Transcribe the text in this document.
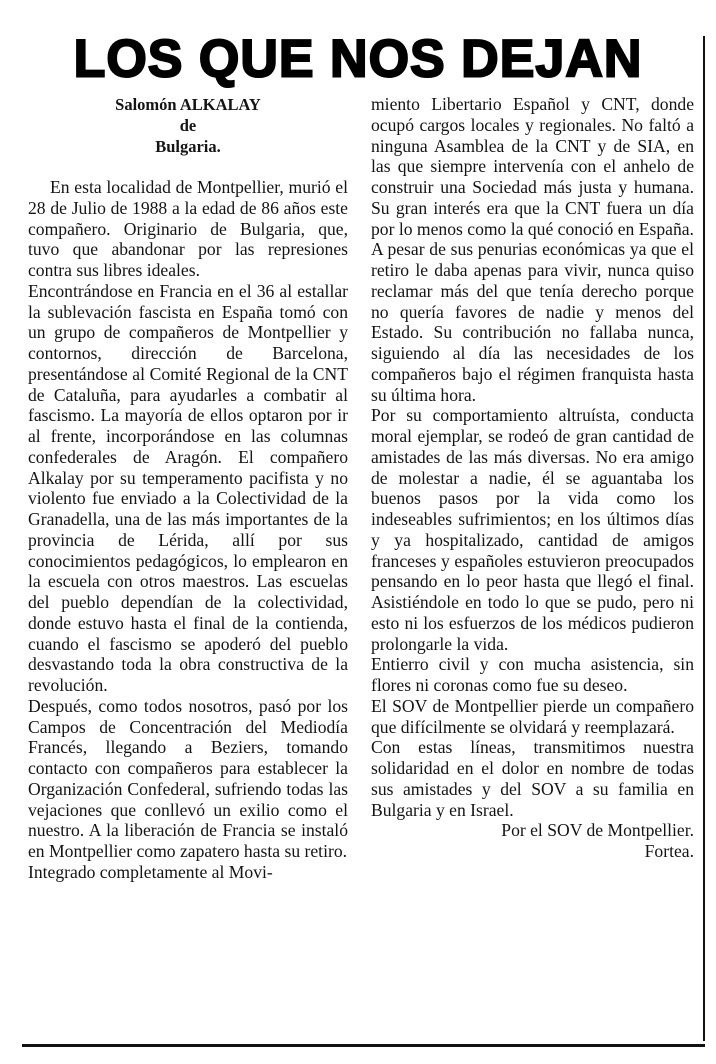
LOS QUE NOS DEJAN
Salomón ALKALAY
de
Bulgaria.

En esta localidad de Montpellier, murió el 28 de Julio de 1988 a la edad de 86 años este compañero. Originario de Bulgaria, que, tuvo que abandonar por las represiones contra sus libres ideales.

Encontrándose en Francia en el 36 al estallar la sublevación fascista en España tomó con un grupo de compañeros de Montpellier y contornos, dirección de Barcelona, presentándose al Comité Regional de la CNT de Cataluña, para ayudarles a combatir al fascismo. La mayoría de ellos optaron por ir al frente, incorporándose en las columnas confederales de Aragón. El compañero Alkalay por su temperamento pacifista y no violento fue enviado a la Colectividad de la Granadella, una de las más importantes de la provincia de Lérida, allí por sus conocimientos pedagógicos, lo emplearon en la escuela con otros maestros. Las escuelas del pueblo dependían de la colectividad, donde estuvo hasta el final de la contienda, cuando el fascismo se apoderó del pueblo desvastando toda la obra constructiva de la revolución.

Después, como todos nosotros, pasó por los Campos de Concentración del Mediodía Francés, llegando a Beziers, tomando contacto con compañeros para establecer la Organización Confederal, sufriendo todas las vejaciones que conllevó un exilio como el nuestro. A la liberación de Francia se instaló en Montpellier como zapatero hasta su retiro.

Integrado completamente al Movi-

miento Libertario Español y CNT, donde ocupó cargos locales y regionales. No faltó a ninguna Asamblea de la CNT y de SIA, en las que siempre intervenía con el anhelo de construir una Sociedad más justa y humana. Su gran interés era que la CNT fuera un día por lo menos como la qué conoció en España.

A pesar de sus penurias económicas ya que el retiro le daba apenas para vivir, nunca quiso reclamar más del que tenía derecho porque no quería favores de nadie y menos del Estado. Su contribución no fallaba nunca, siguiendo al día las necesidades de los compañeros bajo el régimen franquista hasta su última hora.

Por su comportamiento altruísta, conducta moral ejemplar, se rodeó de gran cantidad de amistades de las más diversas. No era amigo de molestar a nadie, él se aguantaba los buenos pasos por la vida como los indeseables sufrimientos; en los últimos días y ya hospitalizado, cantidad de amigos franceses y españoles estuvieron preocupados pensando en lo peor hasta que llegó el final. Asistiéndole en todo lo que se pudo, pero ni esto ni los esfuerzos de los médicos pudieron prolongarle la vida.

Entierro civil y con mucha asistencia, sin flores ni coronas como fue su deseo.

El SOV de Montpellier pierde un compañero que difícilmente se olvidará y reemplazará.

Con estas líneas, transmitimos nuestra solidaridad en el dolor en nombre de todas sus amistades y del SOV a su familia en Bulgaria y en Israel.

Por el SOV de Montpellier.

Fortea.
